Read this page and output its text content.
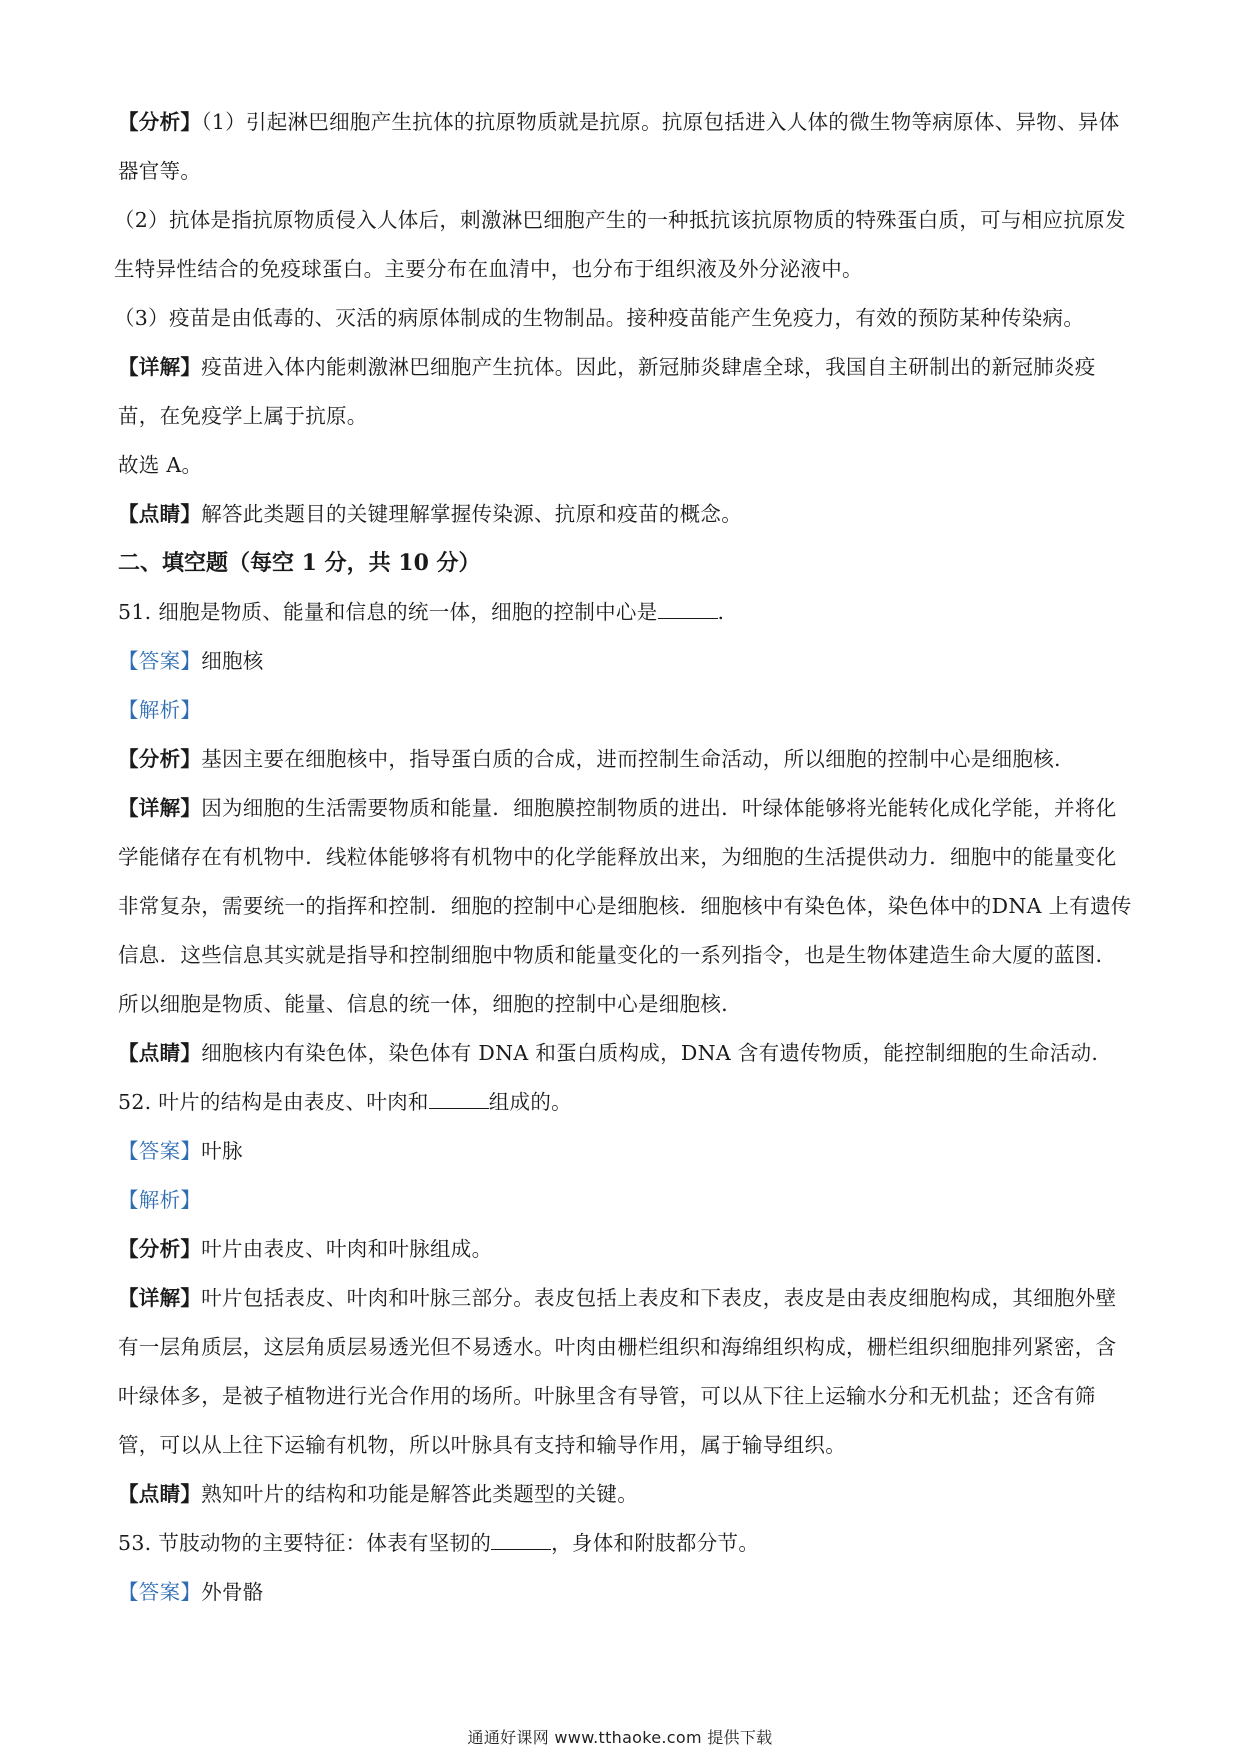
【分析】（1）引起淋巴细胞产生抗体的抗原物质就是抗原。抗原包括进入人体的微生物等病原体、异物、异体器官等。

（2）抗体是指抗原物质侵入人体后，刺激淋巴细胞产生的一种抵抗该抗原物质的特殊蛋白质，可与相应抗原发生特异性结合的免疫球蛋白。主要分布在血清中，也分布于组织液及外分泌液中。

（3）疫苗是由低毒的、灭活的病原体制成的生物制品。接种疫苗能产生免疫力，有效的预防某种传染病。

【详解】疫苗进入体内能刺激淋巴细胞产生抗体。因此，新冠肺炎肆虐全球，我国自主研制出的新冠肺炎疫苗，在免疫学上属于抗原。

故选 A。

【点睛】解答此类题目的关键理解掌握传染源、抗原和疫苗的概念。

二、填空题（每空 1 分，共 10 分）

51. 细胞是物质、能量和信息的统一体，细胞的控制中心是	.

【答案】细胞核

【解析】

【分析】基因主要在细胞核中，指导蛋白质的合成，进而控制生命活动，所以细胞的控制中心是细胞核.

【详解】因为细胞的生活需要物质和能量．细胞膜控制物质的进出．叶绿体能够将光能转化成化学能，并将化学能储存在有机物中．线粒体能够将有机物中的化学能释放出来，为细胞的生活提供动力．细胞中的能量变化非常复杂，需要统一的指挥和控制．细胞的控制中心是细胞核．细胞核中有染色体，染色体中的DNA 上有遗传信息．这些信息其实就是指导和控制细胞中物质和能量变化的一系列指令，也是生物体建造生命大厦的蓝图．所以细胞是物质、能量、信息的统一体，细胞的控制中心是细胞核．

【点睛】细胞核内有染色体，染色体有 DNA 和蛋白质构成，DNA 含有遗传物质，能控制细胞的生命活动.

52. 叶片的结构是由表皮、叶肉和	组成的。

【答案】叶脉

【解析】

【分析】叶片由表皮、叶肉和叶脉组成。

【详解】叶片包括表皮、叶肉和叶脉三部分。表皮包括上表皮和下表皮，表皮是由表皮细胞构成，其细胞外壁有一层角质层，这层角质层易透光但不易透水。叶肉由栅栏组织和海绵组织构成，栅栏组织细胞排列紧密，含叶绿体多，是被子植物进行光合作用的场所。叶脉里含有导管，可以从下往上运输水分和无机盐；还含有筛管，可以从上往下运输有机物，所以叶脉具有支持和输导作用，属于输导组织。

【点睛】熟知叶片的结构和功能是解答此类题型的关键。

53. 节肢动物的主要特征：体表有坚韧的	，身体和附肢都分节。

【答案】外骨骼

通通好课网 www.tthaoke.com 提供下载
